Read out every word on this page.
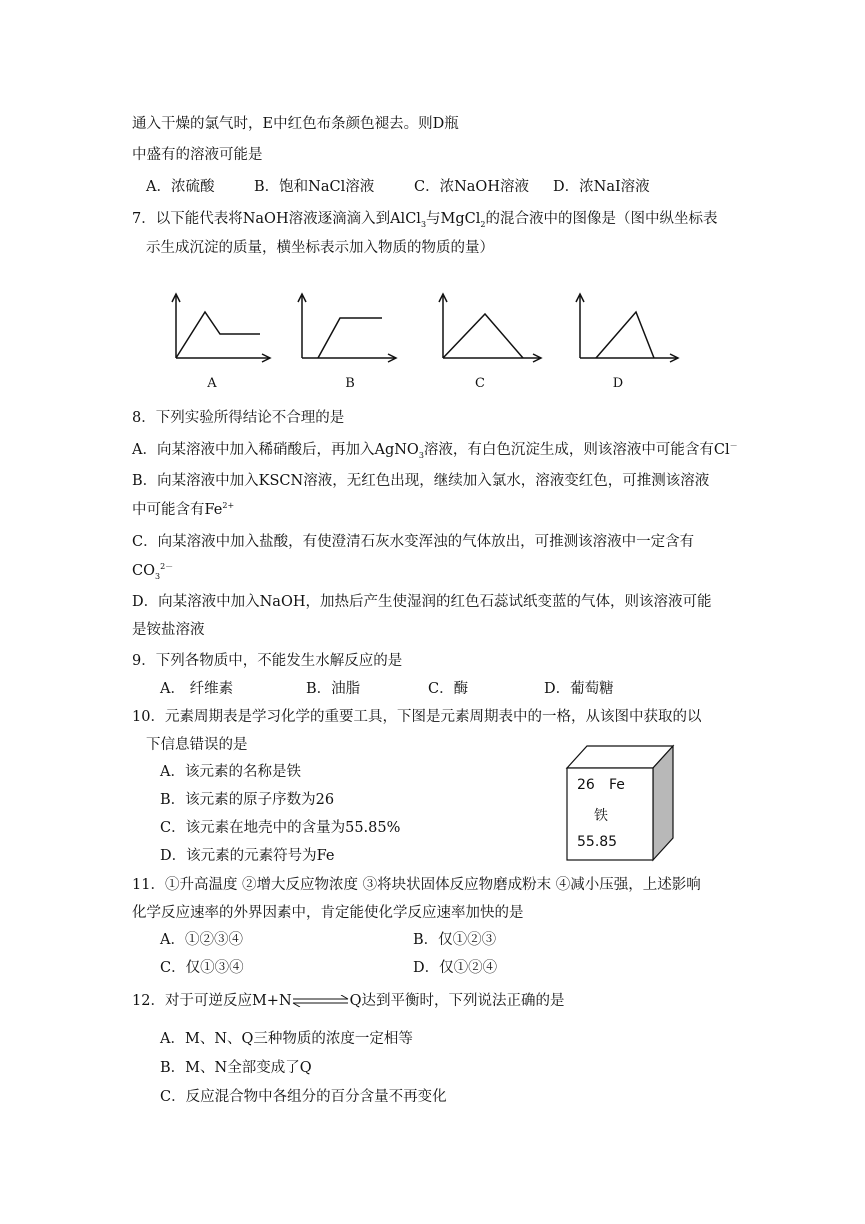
通入干燥的氯气时，E中红色布条颜色褪去。则D瓶
中盛有的溶液可能是
A．浓硫酸	B．饱和NaCl溶液	C．浓NaOH溶液 D．浓NaI溶液
7．以下能代表将NaOH溶液逐滴滴入到AlCl$_3$与MgCl$_2$的混合液中的图像是（图中纵坐标表
示生成沉淀的质量，横坐标表示加入物质的物质的量）
A	B	C	D
8．下列实验所得结论不合理的是
A．向某溶液中加入稀硝酸后，再加入AgNO$_3$溶液，有白色沉淀生成，则该溶液中可能含有Cl－
B．向某溶液中加入KSCN溶液，无红色出现，继续加入氯水，溶液变红色，可推测该溶液
中可能含有$Fe^{2+}$
C．向某溶液中加入盐酸，有使澄清石灰水变浑浊的气体放出，可推测该溶液中一定含有
$CO_3^{2-}$
D．向某溶液中加入NaOH，加热后产生使湿润的红色石蕊试纸变蓝的气体，则该溶液可能
是铵盐溶液
9．下列各物质中，不能发生水解反应的是
A． 纤维素	B．油脂	C．酶	D．葡萄糖
10．元素周期表是学习化学的重要工具，下图是元素周期表中的一格，从该图中获取的以
下信息错误的是
A．该元素的名称是铁
B．该元素的原子序数为26
C．该元素在地壳中的含量为55.85%
D．该元素的元素符号为Fe
26 Fe
铁
55.85
11．①升高温度 ②增大反应物浓度 ③将块状固体反应物磨成粉末 ④减小压强，上述影响
化学反应速率的外界因素中，肯定能使化学反应速率加快的是
A．①②③④	B．仅①②③
C．仅①③④	D．仅①②④
12．对于可逆反应M+N⇌Q达到平衡时，下列说法正确的是
A．M、N、Q三种物质的浓度一定相等
B．M、N全部变成了Q
C．反应混合物中各组分的百分含量不再变化
